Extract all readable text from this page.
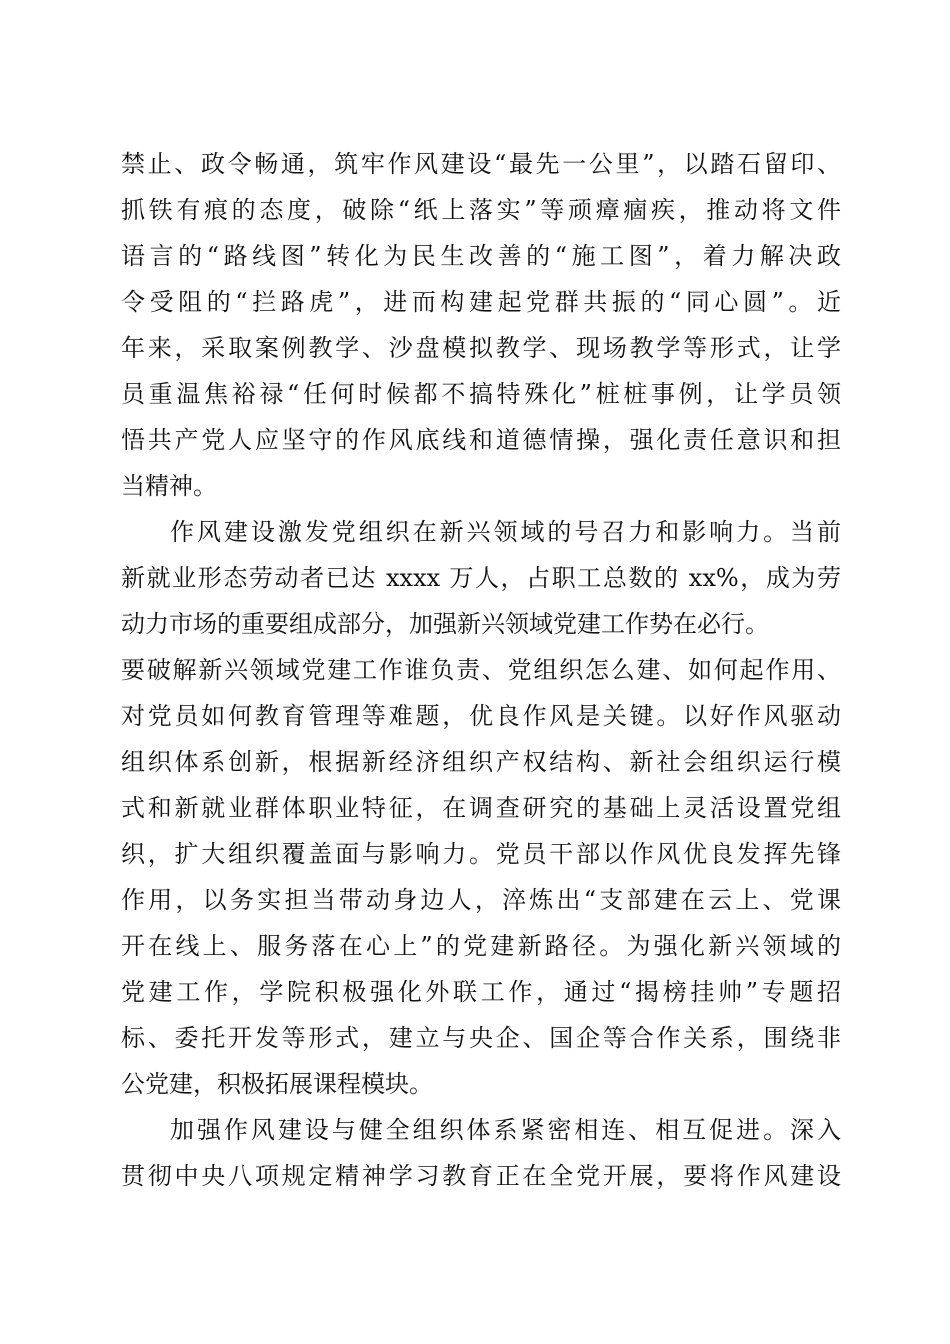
禁止、政令畅通，筑牢作风建设“最先一公里”，以踏石留印、
抓铁有痕的态度，破除“纸上落实”等顽瘴痼疾，推动将文件
语言的“路线图”转化为民生改善的“施工图”，着力解决政
令受阻的“拦路虎”，进而构建起党群共振的“同心圆”。近
年来，采取案例教学、沙盘模拟教学、现场教学等形式，让学
员重温焦裕禄“任何时候都不搞特殊化”桩桩事例，让学员领
悟共产党人应坚守的作风底线和道德情操，强化责任意识和担
当精神。
作风建设激发党组织在新兴领域的号召力和影响力。当前
新就业形态劳动者已达 xxxx 万人，占职工总数的 xx%，成为劳
动力市场的重要组成部分，加强新兴领域党建工作势在必行。
要破解新兴领域党建工作谁负责、党组织怎么建、如何起作用、
对党员如何教育管理等难题，优良作风是关键。以好作风驱动
组织体系创新，根据新经济组织产权结构、新社会组织运行模
式和新就业群体职业特征，在调查研究的基础上灵活设置党组
织，扩大组织覆盖面与影响力。党员干部以作风优良发挥先锋
作用，以务实担当带动身边人，淬炼出“支部建在云上、党课
开在线上、服务落在心上”的党建新路径。为强化新兴领域的
党建工作，学院积极强化外联工作，通过“揭榜挂帅”专题招
标、委托开发等形式，建立与央企、国企等合作关系，围绕非
公党建，积极拓展课程模块。
加强作风建设与健全组织体系紧密相连、相互促进。深入
贯彻中央八项规定精神学习教育正在全党开展，要将作风建设
